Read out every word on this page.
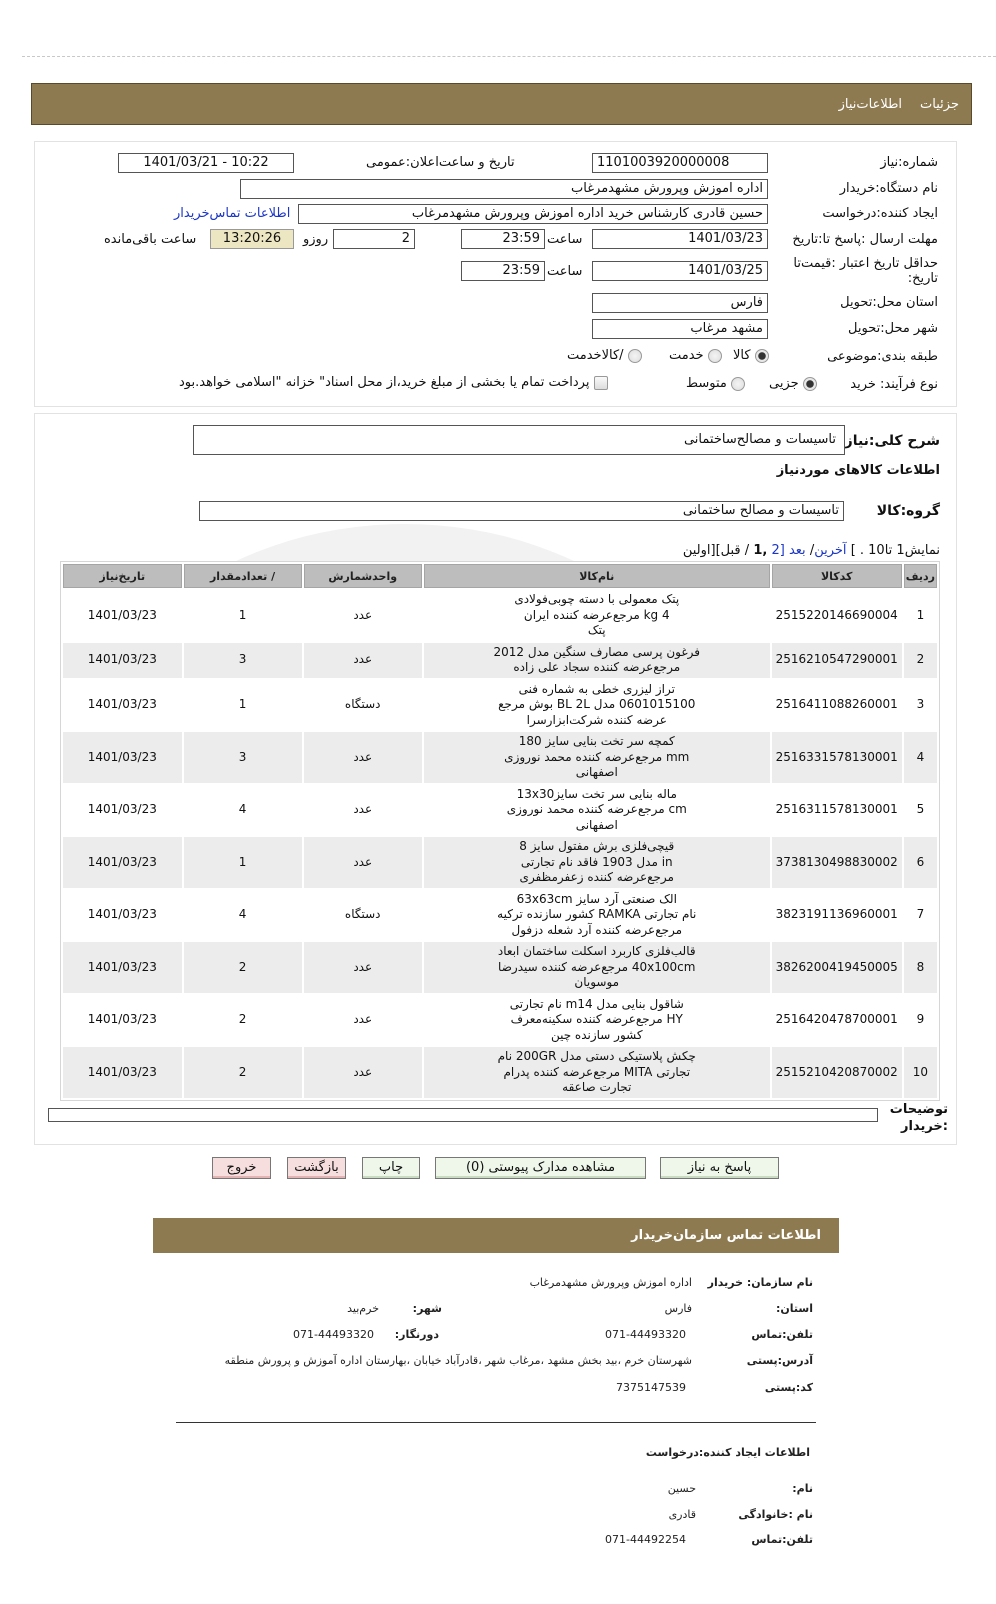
جزئیات
اطلاعات‌نیاز
شماره:نیاز
1101003920000008
تاریخ و ساعت‌اعلان:عمومی
1401/03/21 - 10:22
نام دستگاه:خریدار
اداره اموزش وپرورش مشهدمرغاب
ایجاد کننده:درخواست
حسین قادری کارشناس خرید اداره اموزش وپرورش مشهدمرغاب
اطلاعات تماس‌خریدار
مهلت ارسال :پاسخ تا:تاریخ
1401/03/23
ساعت
23:59
2
روزو
13:20:26
ساعت باقی‌مانده
حداقل تاریخ اعتبار :قیمت‌تا تاریخ:
1401/03/25
ساعت
23:59
استان محل:تحویل
فارس
شهر محل:تحویل
مشهد مرغاب
طبقه بندی:موضوعی
کالا
خدمت
/کالاخدمت
نوع فرآیند: خرید
جزیی
متوسط
پرداخت تمام یا بخشی از مبلغ خرید،از محل اسناد" خزانه "اسلامی خواهد.بود
شرح کلی:نیاز
تاسیسات و مصالح‌ساختمانی
اطلاعات کالاهای موردنیاز
گروه:کالا
تاسیسات و مصالح ساختمانی
نمایش1 تا10 . ] آخرین/ بعد [2 ,1 / قبل][اولین
ردیف	کدکالا	نام‌کالا	واحدشمارش	/ تعدادمقدار	تاریخ‌نیاز
1	2515220146690004	پتک معمولی با دسته چوبی‌فولادی
4 kg مرجع‌عرضه کننده ایران
پتک	عدد	1	1401/03/23
2	2516210547290001	فرغون پرسی مصارف سنگین مدل 2012
مرجع‌عرضه کننده سجاد علی زاده	عدد	3	1401/03/23
3	2516411088260001	تراز لیزری خطی به شماره فنی
0601015100 مدل BL 2L بوش مرجع
عرضه کننده شرکت‌ابزارسرا	دستگاه	1	1401/03/23
4	2516331578130001	کمچه سر تخت بنایی سایز 180
mm مرجع‌عرضه کننده محمد نوروزی
اصفهانی	عدد	3	1401/03/23
5	2516311578130001	ماله بنایی سر تخت سایز13x30
cm مرجع‌عرضه کننده محمد نوروزی
اصفهانی	عدد	4	1401/03/23
6	3738130498830002	قیچی‌فلزی برش مفتول سایز 8
in مدل 1903 فاقد نام تجارتی
مرجع‌عرضه کننده زعفرمظفری	عدد	1	1401/03/23
7	3823191136960001	الک صنعتی آرد سایز 63x63cm
نام تجارتی RAMKA کشور سازنده ترکیه
مرجع‌عرضه کننده آرد شعله دزفول	دستگاه	4	1401/03/23
8	3826200419450005	قالب‌فلزی کاربرد اسکلت ساختمان ابعاد
40x100cm مرجع‌عرضه کننده سیدرضا
موسویان	عدد	2	1401/03/23
9	2516420478700001	شاقول بنایی مدل m14 نام تجارتی
HY مرجع‌عرضه کننده سکینه‌معرف
کشور سازنده چین	عدد	2	1401/03/23
10	2515210420870002	چکش پلاستیکی دستی مدل 200GR نام
تجارتی MITA مرجع‌عرضه کننده پدرام
تجارت صاعقه	عدد	2	1401/03/23
توضیحات :خریدار
پاسخ به نیاز
مشاهده مدارک پیوستی (0)
چاپ
بازگشت
خروج
اطلاعات تماس سازمان‌خریدار
نام سازمان: خریدار
اداره اموزش وپرورش مشهدمرغاب
استان:
فارس
شهر:
خرم‌بید
تلفن:تماس
071-44493320
دورنگار:
071-44493320
آدرس:پستی
شهرستان خرم ،بید بخش مشهد ،مرغاب شهر ،قادرآباد خیابان ،بهارستان اداره آموزش و پرورش منطقه
کد:پستی
7375147539
اطلاعات ایجاد کننده:درخواست
نام:
حسین
نام :خانوادگی
قادری
تلفن:تماس
071-44492254
